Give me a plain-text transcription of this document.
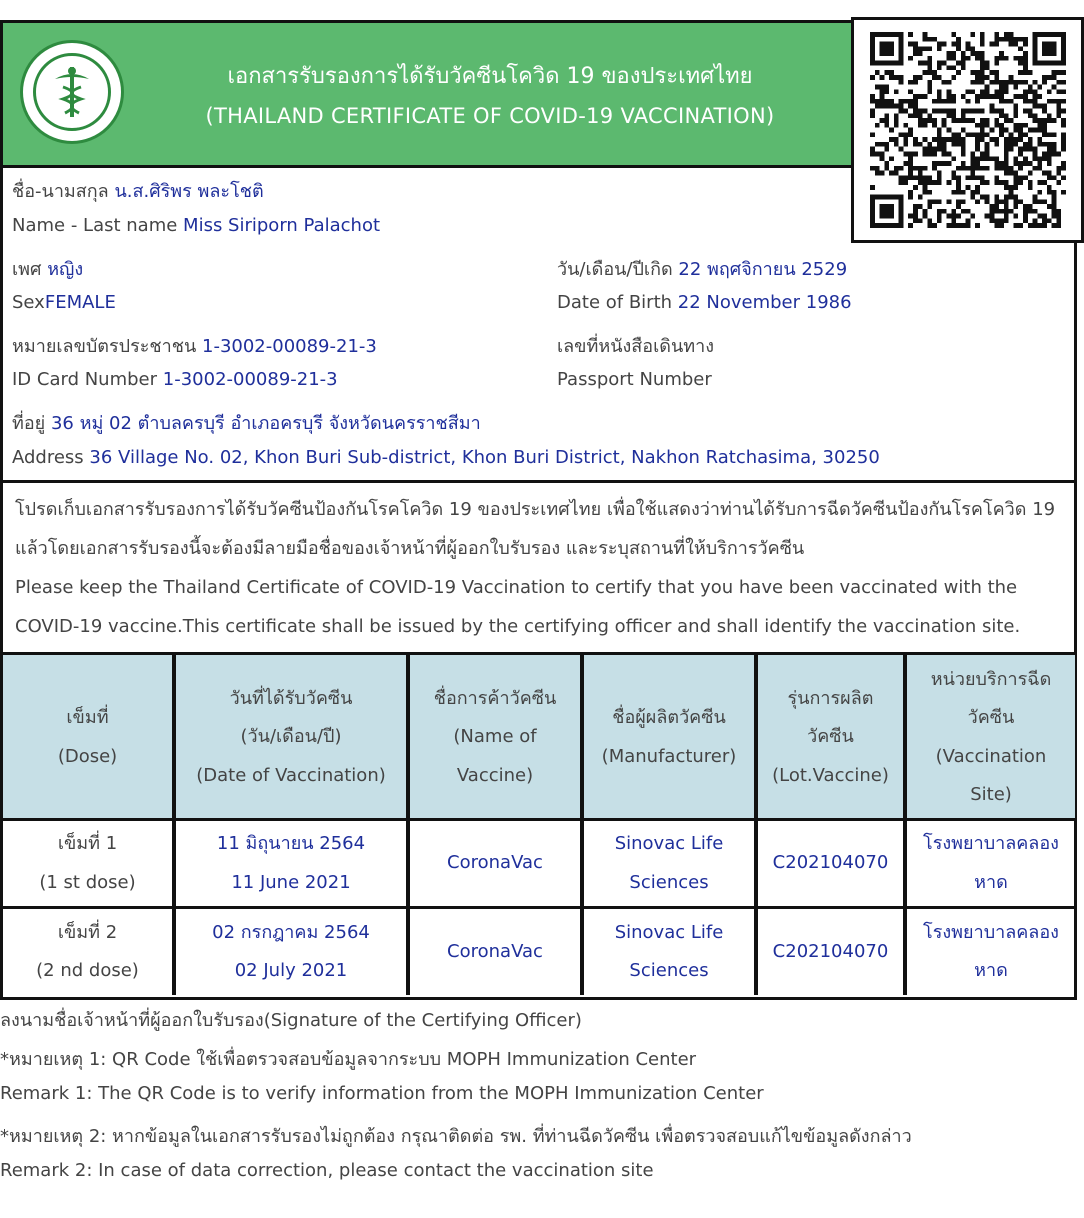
เอกสารรับรองการได้รับวัคซีนโควิด 19 ของประเทศไทย
(THAILAND CERTIFICATE OF COVID-19 VACCINATION)
ชื่อ-นามสกุล น.ส.ศิริพร พละโชติ
Name - Last name Miss Siriporn Palachot
เพศ หญิง
SexFEMALE
วัน/เดือน/ปีเกิด 22 พฤศจิกายน 2529
Date of Birth 22 November 1986
หมายเลขบัตรประชาชน 1-3002-00089-21-3
ID Card Number 1-3002-00089-21-3
เลขที่หนังสือเดินทาง
Passport Number
ที่อยู่ 36 หมู่ 02 ตำบลครบุรี อำเภอครบุรี จังหวัดนครราชสีมา
Address 36 Village No. 02, Khon Buri Sub-district, Khon Buri District, Nakhon Ratchasima, 30250
โปรดเก็บเอกสารรับรองการได้รับวัคซีนป้องกันโรคโควิด 19 ของประเทศไทย เพื่อใช้แสดงว่าท่านได้รับการฉีดวัคซีนป้องกันโรคโควิด 19
แล้วโดยเอกสารรับรองนี้จะต้องมีลายมือชื่อของเจ้าหน้าที่ผู้ออกใบรับรอง และระบุสถานที่ให้บริการวัคซีน
Please keep the Thailand Certificate of COVID-19 Vaccination to certify that you have been vaccinated with the
COVID-19 vaccine.This certificate shall be issued by the certifying officer and shall identify the vaccination site.
เข็มที่
(Dose)
วันที่ได้รับวัคซีน
(วัน/เดือน/ปี)
(Date of Vaccination)
ชื่อการค้าวัคซีน
(Name of
Vaccine)
ชื่อผู้ผลิตวัคซีน
(Manufacturer)
รุ่นการผลิต
วัคซีน
(Lot.Vaccine)
หน่วยบริการฉีด
วัคซีน
(Vaccination
Site)
เข็มที่ 1
(1 st dose)
11 มิถุนายน 2564
11 June 2021
CoronaVac
Sinovac Life
Sciences
C202104070
โรงพยาบาลคลอง
หาด
เข็มที่ 2
(2 nd dose)
02 กรกฎาคม 2564
02 July 2021
CoronaVac
Sinovac Life
Sciences
C202104070
โรงพยาบาลคลอง
หาด
ลงนามชื่อเจ้าหน้าที่ผู้ออกใบรับรอง(Signature of the Certifying Officer)
*หมายเหตุ 1: QR Code ใช้เพื่อตรวจสอบข้อมูลจากระบบ MOPH Immunization Center
Remark 1: The QR Code is to verify information from the MOPH Immunization Center
*หมายเหตุ 2: หากข้อมูลในเอกสารรับรองไม่ถูกต้อง กรุณาติดต่อ รพ. ที่ท่านฉีดวัคซีน เพื่อตรวจสอบแก้ไขข้อมูลดังกล่าว
Remark 2: In case of data correction, please contact the vaccination site
